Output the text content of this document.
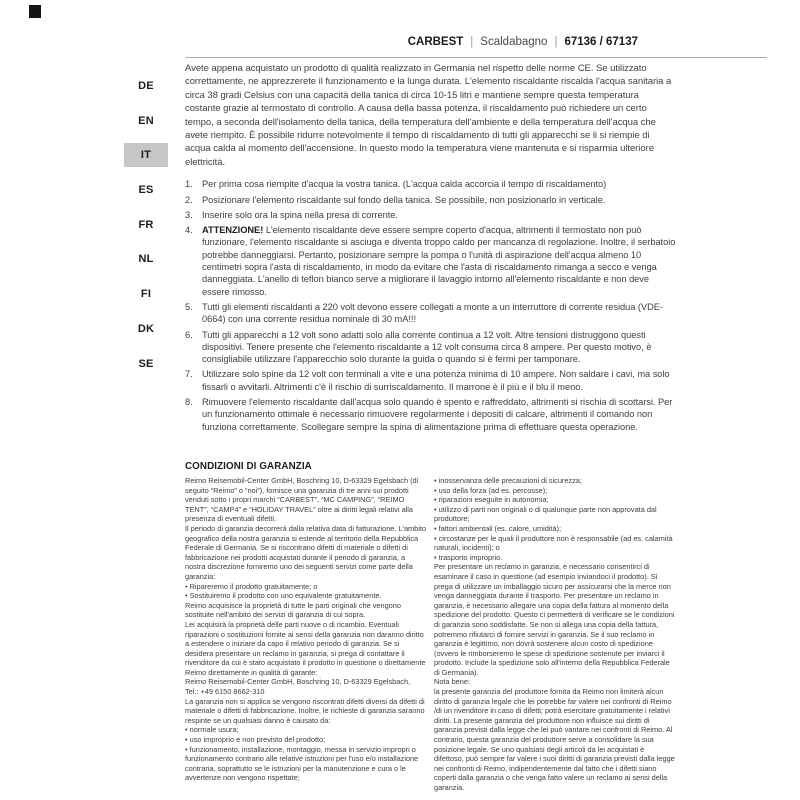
CARBEST | Scaldabagno | 67136 / 67137
DE
EN
IT
ES
FR
NL
FI
DK
SE

Avete appena acquistato un prodotto di qualità realizzato in Germania nel rispetto delle norme CE. Se utilizzato correttamente, ne apprezzerete il funzionamento e la lunga durata. L'elemento riscaldante riscalda l'acqua sanitaria a circa 38 gradi Celsius con una capacità della tanica di circa 10-15 litri e mantiene sempre questa temperatura costante grazie al termostato di controllo. A causa della bassa potenza, il riscaldamento può richiedere un certo tempo, a seconda dell'isolamento della tanica, della temperatura dell'ambiente e della temperatura dell'acqua che avete riempito. È possibile ridurre notevolmente il tempo di riscaldamento di tutti gli apparecchi se li si riempie di acqua calda al momento dell'accensione. In questo modo la temperatura viene mantenuta e si risparmia ulteriore elettricità.

1.	Per prima cosa riempite d'acqua la vostra tanica. (L'acqua calda accorcia il tempo di riscaldamento)
2.	Posizionare l'elemento riscaldante sul fondo della tanica. Se possibile, non posizionarlo in verticale.
3.	Inserire solo ora la spina nella presa di corrente.
4.	ATTENZIONE! L'elemento riscaldante deve essere sempre coperto d'acqua, altrimenti il termostato non può funzionare, l'elemento riscaldante si asciuga e diventa troppo caldo per mancanza di regolazione. Inoltre, il serbatoio potrebbe danneggiarsi. Pertanto, posizionare sempre la pompa o l'unità di aspirazione dell'acqua almeno 10 centimetri sopra l'asta di riscaldamento, in modo da evitare che l'asta di riscaldamento rimanga a secco e venga danneggiata. L'anello di teflon bianco serve a migliorare il lavaggio intorno all'elemento riscaldante e non deve essere rimosso.
5.	Tutti gli elementi riscaldanti a 220 volt devono essere collegati a monte a un interruttore di corrente residua (VDE-0664) con una corrente residua nominale di 30 mA!!!
6.	Tutti gli apparecchi a 12 volt sono adatti solo alla corrente continua a 12 volt. Altre tensioni distruggono questi dispositivi. Tenere presente che l'elemento riscaldante a 12 volt consuma circa 8 ampere. Per questo motivo, è consigliabile utilizzare l'apparecchio solo durante la guida o quando si è fermi per tamponare.
7.	Utilizzare solo spine da 12 volt con terminali a vite e una potenza minima di 10 ampere. Non saldare i cavi, ma solo fissarli o avvitarli. Altrimenti c'è il rischio di surriscaldamento. Il marrone è il più e il blu il meno.
8.	Rimuovere l'elemento riscaldante dall'acqua solo quando è spento e raffreddato, altrimenti si rischia di scottarsi. Per un funzionamento ottimale è necessario rimuovere regolarmente i depositi di calcare, altrimenti il comando non funziona correttamente. Scollegare sempre la spina di alimentazione prima di effettuare questa operazione.
CONDIZIONI DI GARANZIA

Reimo Reisemobil-Center GmbH, Boschring 10, D-63329 Egelsbach (di seguito “Reimo” o “noi”), fornisce una garanzia di tre anni sui prodotti venduti sotto i propri marchi “CARBEST”, “MC CAMPING”, “REIMO TENT”, “CAMP4” e “HOLIDAY TRAVEL” oltre ai diritti legali relativi alla presenza di eventuali difetti.

Il periodo di garanzia decorrerà dalla relativa data di fatturazione. L'ambito geografico della nostra garanzia si estende al territorio della Repubblica Federale di Germania. Se si riscontrano difetti di materiale o difetti di fabbricazione nei prodotti acquistati durante il periodo di garanzia, a nostra discrezione forniremo uno dei seguenti servizi come parte della garanzia:

• Ripareremo il prodotto gratuitamente; o
• Sostituiremo il prodotto con uno equivalente gratuitamente.

Reimo acquisisce la proprietà di tutte le parti originali che vengono sostituite nell'ambito dei servizi di garanzia di cui sopra.

Lei acquisirà la proprietà delle parti nuove o di ricambio. Eventuali riparazioni o sostituzioni fornite ai sensi della garanzia non daranno diritto a estendere o iniziare da capo il relativo periodo di garanzia. Se si desidera presentare un reclamo in garanzia, si prega di contattare il rivenditore da cui è stato acquistato il prodotto in questione o direttamente Reimo direttamente in qualità di garante:

Reimo Reisemobil-Center GmbH, Boschring 10, D-63329 Egelsbach,

Tel.: +49 6150 8662-310

La garanzia non si applica se vengono riscontrati difetti diversi da difetti di materiale o difetti di fabbricazione. Inoltre, le richieste di garanzia saranno respinte se un qualsiasi danno è causato da:

• normale usura;
• uso improprio e non previsto del prodotto;
• funzionamento, installazione, montaggio, messa in servizio impropri o funzionamento contrario alle relative istruzioni per l'uso e/o installazione contraria, soprattutto se le istruzioni per la manutenzione e cura o le avvertenze non vengono rispettate;
• inosservanza delle precauzioni di sicurezza;
• uso della forza (ad es. percosse);
• riparazioni eseguite in autonomia;
• utilizzo di parti non originali o di qualunque parte non approvata dal produttore;
• fattori ambientali (es. calore, umidità);
• circostanze per le quali il produttore non è responsabile (ad es. calamità naturali, incidenti); o
• trasporto improprio.

Per presentare un reclamo in garanzia, è necessario consentirci di esaminare il caso in questione (ad esempio inviandoci il prodotto). Si prega di utilizzare un imballaggio sicuro per assicurarsi che la merce non venga danneggiata durante il trasporto. Per presentare un reclamo in garanzia, è necessario allegare una copia della fattura al momento della spedizione del prodotto. Questo ci permetterà di verificare se le condizioni di garanzia sono soddisfatte. Se non si allega una copia della fattura, potremmo rifiutarci di fornire servizi in garanzia. Se il suo reclamo in garanzia è legittimo, non dovrà sostenere alcun costo di spedizione (ovvero le rimborseremo le spese di spedizione sostenute per inviarci il prodotto. Include la spedizione solo all'interno della Repubblica Federale di Germania).

Nota bene:

la presente garanzia del produttore fornita da Reimo non limiterà alcun diritto di garanzia legale che lei potrebbe far valere nei confronti di Reimo /di un rivenditore in caso di difetti; potrà esercitare gratuitamente i relativi diritti. La presente garanzia del produttore non influisce sui diritti di garanzia previsti dalla legge che lei può vantare nei confronti di Reimo. Al contrario, questa garanzia del produttore serve a consolidare la sua posizione legale. Se uno qualsiasi degli articoli da lei acquistati è difettoso, può sempre far valere i suoi diritti di garanzia previsti dalla legge nei confronti di Reimo, indipendentemente dal fatto che i difetti siano coperti dalla garanzia o che venga fatto valere un reclamo ai sensi della garanzia.
